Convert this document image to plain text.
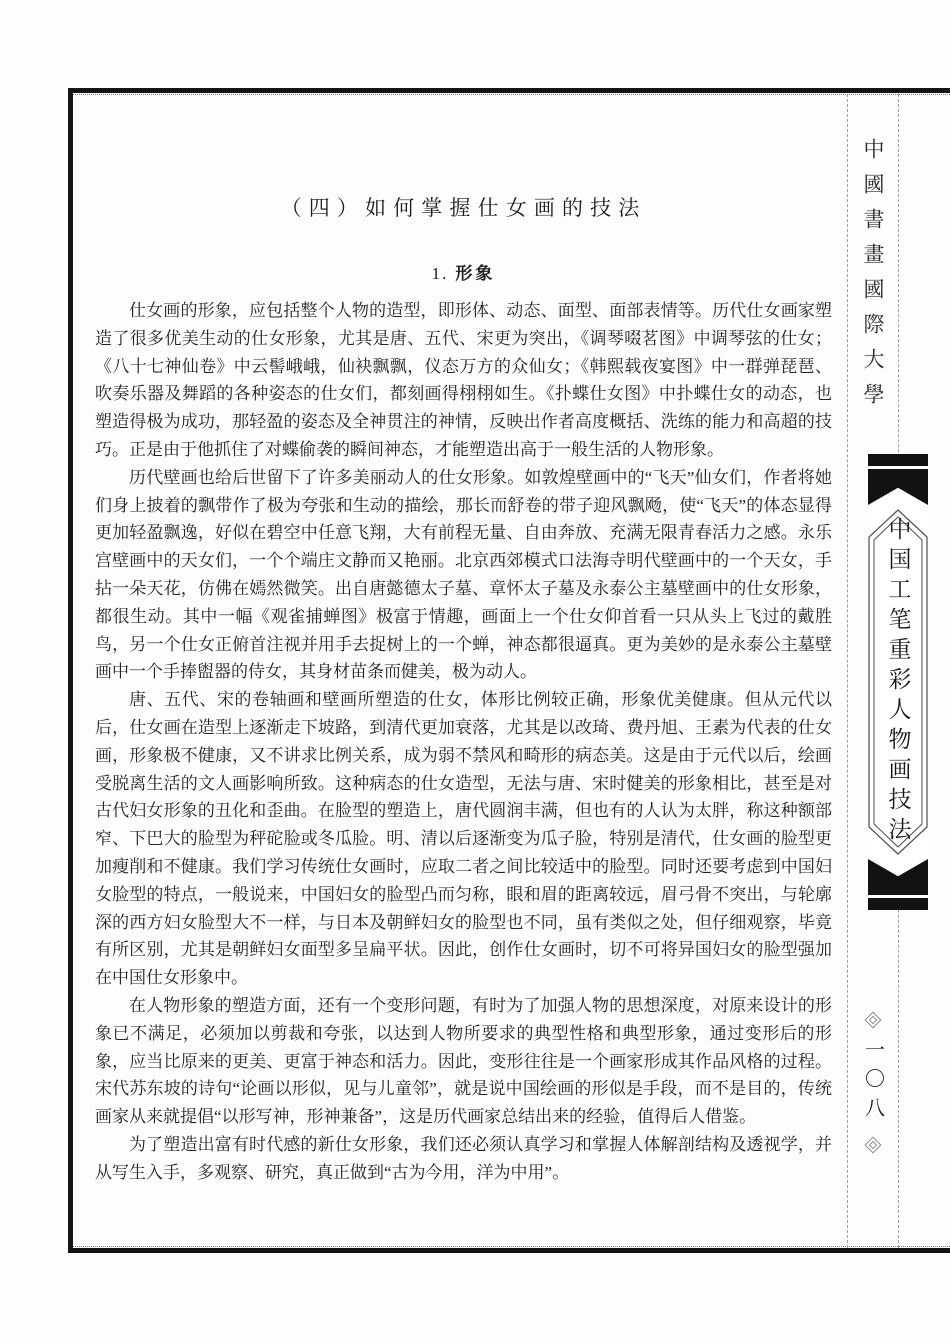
（四）如何掌握仕女画的技法
1. 形象

仕女画的形象，应包括整个人物的造型，即形体、动态、面型、面部表情等。历代仕女画家塑造了很多优美生动的仕女形象，尤其是唐、五代、宋更为突出，《调琴啜茗图》中调琴弦的仕女；《八十七神仙卷》中云髻峨峨，仙袂飘飘，仪态万方的众仙女；《韩熙载夜宴图》中一群弹琵琶、吹奏乐器及舞蹈的各种姿态的仕女们，都刻画得栩栩如生。《扑蝶仕女图》中扑蝶仕女的动态，也塑造得极为成功，那轻盈的姿态及全神贯注的神情，反映出作者高度概括、洗练的能力和高超的技巧。正是由于他抓住了对蝶偷袭的瞬间神态，才能塑造出高于一般生活的人物形象。

历代壁画也给后世留下了许多美丽动人的仕女形象。如敦煌壁画中的“飞天”仙女们，作者将她们身上披着的飘带作了极为夸张和生动的描绘，那长而舒卷的带子迎风飘飏，使“飞天”的体态显得更加轻盈飘逸，好似在碧空中任意飞翔，大有前程无量、自由奔放、充满无限青春活力之感。永乐宫壁画中的天女们，一个个端庄文静而又艳丽。北京西郊模式口法海寺明代壁画中的一个天女，手拈一朵天花，仿佛在嫣然微笑。出自唐懿德太子墓、章怀太子墓及永泰公主墓壁画中的仕女形象，都很生动。其中一幅《观雀捕蝉图》极富于情趣，画面上一个仕女仰首看一只从头上飞过的戴胜鸟，另一个仕女正俯首注视并用手去捉树上的一个蝉，神态都很逼真。更为美妙的是永泰公主墓壁画中一个手捧盥器的侍女，其身材苗条而健美，极为动人。

唐、五代、宋的卷轴画和壁画所塑造的仕女，体形比例较正确，形象优美健康。但从元代以后，仕女画在造型上逐渐走下坡路，到清代更加衰落，尤其是以改琦、费丹旭、王素为代表的仕女画，形象极不健康，又不讲求比例关系，成为弱不禁风和畸形的病态美。这是由于元代以后，绘画受脱离生活的文人画影响所致。这种病态的仕女造型，无法与唐、宋时健美的形象相比，甚至是对古代妇女形象的丑化和歪曲。在脸型的塑造上，唐代圆润丰满，但也有的人认为太胖，称这种额部窄、下巴大的脸型为秤砣脸或冬瓜脸。明、清以后逐渐变为瓜子脸，特别是清代，仕女画的脸型更加瘦削和不健康。我们学习传统仕女画时，应取二者之间比较适中的脸型。同时还要考虑到中国妇女脸型的特点，一般说来，中国妇女的脸型凸而匀称，眼和眉的距离较远，眉弓骨不突出，与轮廓深的西方妇女脸型大不一样，与日本及朝鲜妇女的脸型也不同，虽有类似之处，但仔细观察，毕竟有所区别，尤其是朝鲜妇女面型多呈扁平状。因此，创作仕女画时，切不可将异国妇女的脸型强加在中国仕女形象中。

在人物形象的塑造方面，还有一个变形问题，有时为了加强人物的思想深度，对原来设计的形象已不满足，必须加以剪裁和夸张，以达到人物所要求的典型性格和典型形象，通过变形后的形象，应当比原来的更美、更富于神态和活力。因此，变形往往是一个画家形成其作品风格的过程。宋代苏东坡的诗句“论画以形似，见与儿童邻”，就是说中国绘画的形似是手段，而不是目的，传统画家从来就提倡“以形写神，形神兼备”，这是历代画家总结出来的经验，值得后人借鉴。

为了塑造出富有时代感的新仕女形象，我们还必须认真学习和掌握人体解剖结构及透视学，并从写生入手，多观察、研究，真正做到“古为今用，洋为中用”。

中國書畫國際大學
中国工笔重彩人物画技法
一〇八
